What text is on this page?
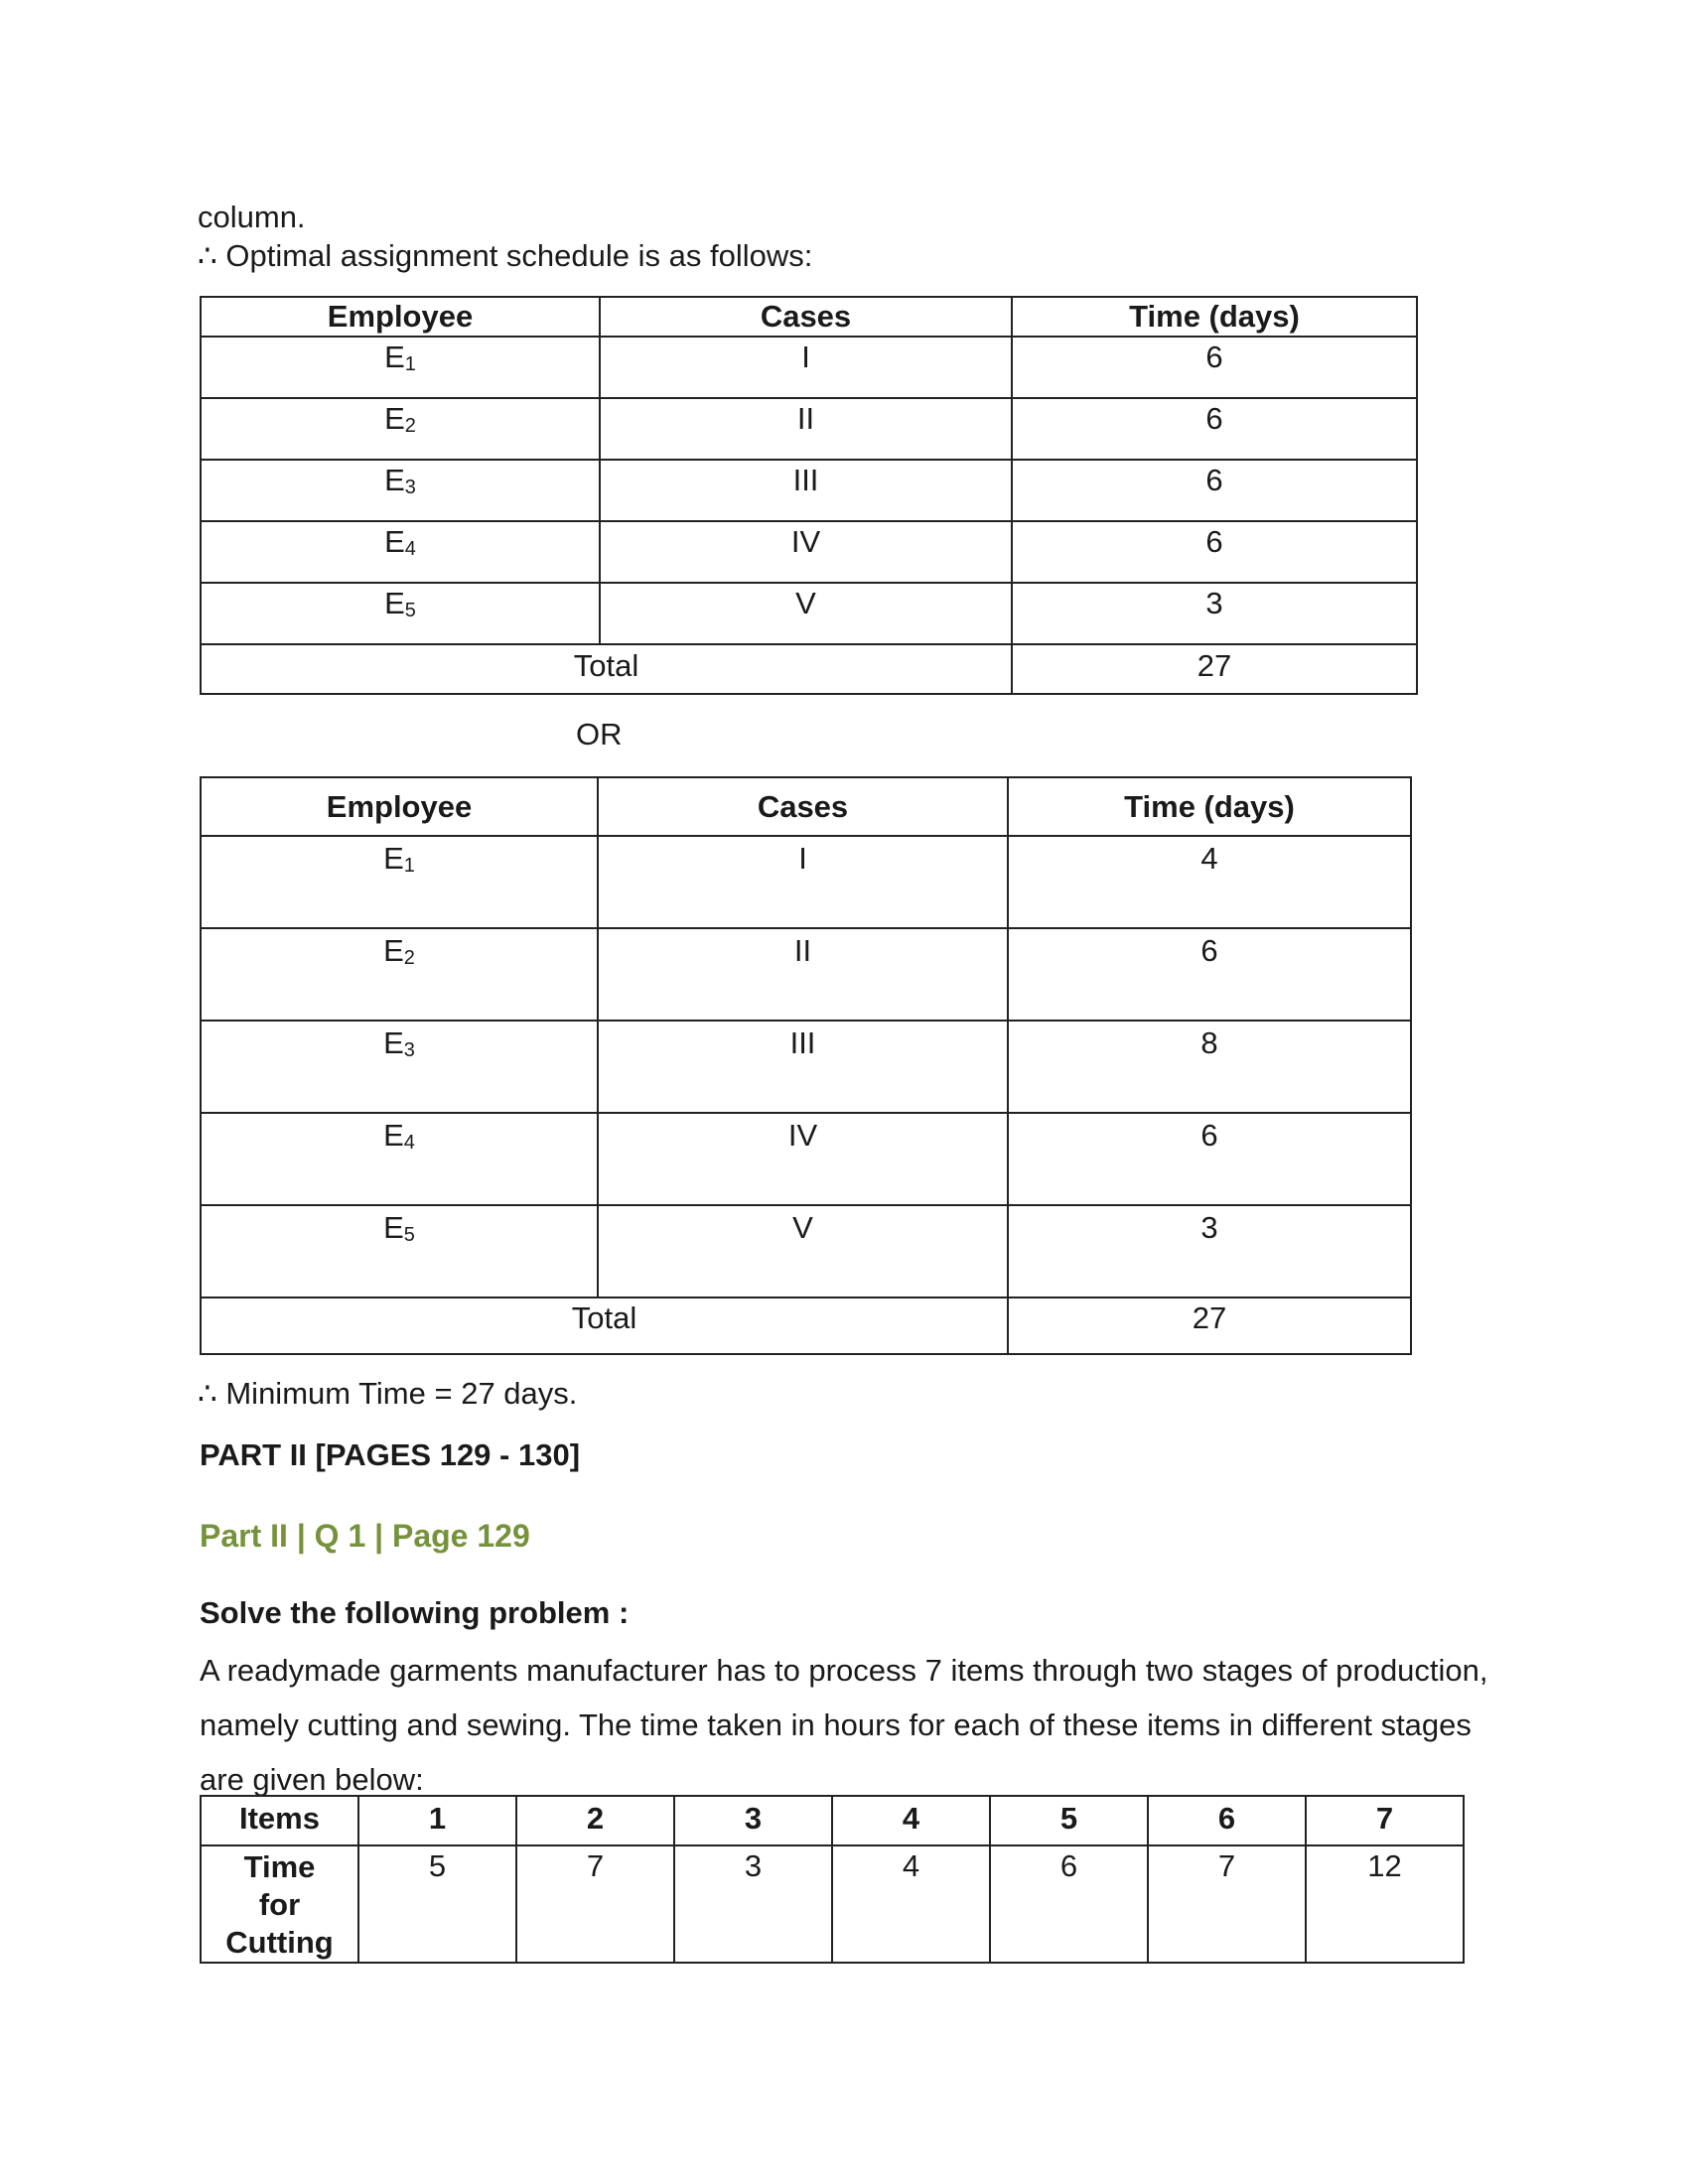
column.
∴ Optimal assignment schedule is as follows:
Employee	Cases	Time (days)
$E_1$	I	6
$E_2$	II	6
$E_3$	III	6
$E_4$	IV	6
$E_5$	V	3
Total		27
OR
Employee	Cases	Time (days)
$E_1$	I	4
$E_2$	II	6
$E_3$	III	8
$E_4$	IV	6
$E_5$	V	3
Total		27
∴ Minimum Time = 27 days.
PART II [PAGES 129 - 130]
Part II | Q 1 | Page 129
Solve the following problem :
A readymade garments manufacturer has to process 7 items through two stages of production, namely cutting and sewing. The time taken in hours for each of these items in different stages are given below:
Items	1	2	3	4	5	6	7

Time
for
Cutting	5	7	3	4	6	7	12
